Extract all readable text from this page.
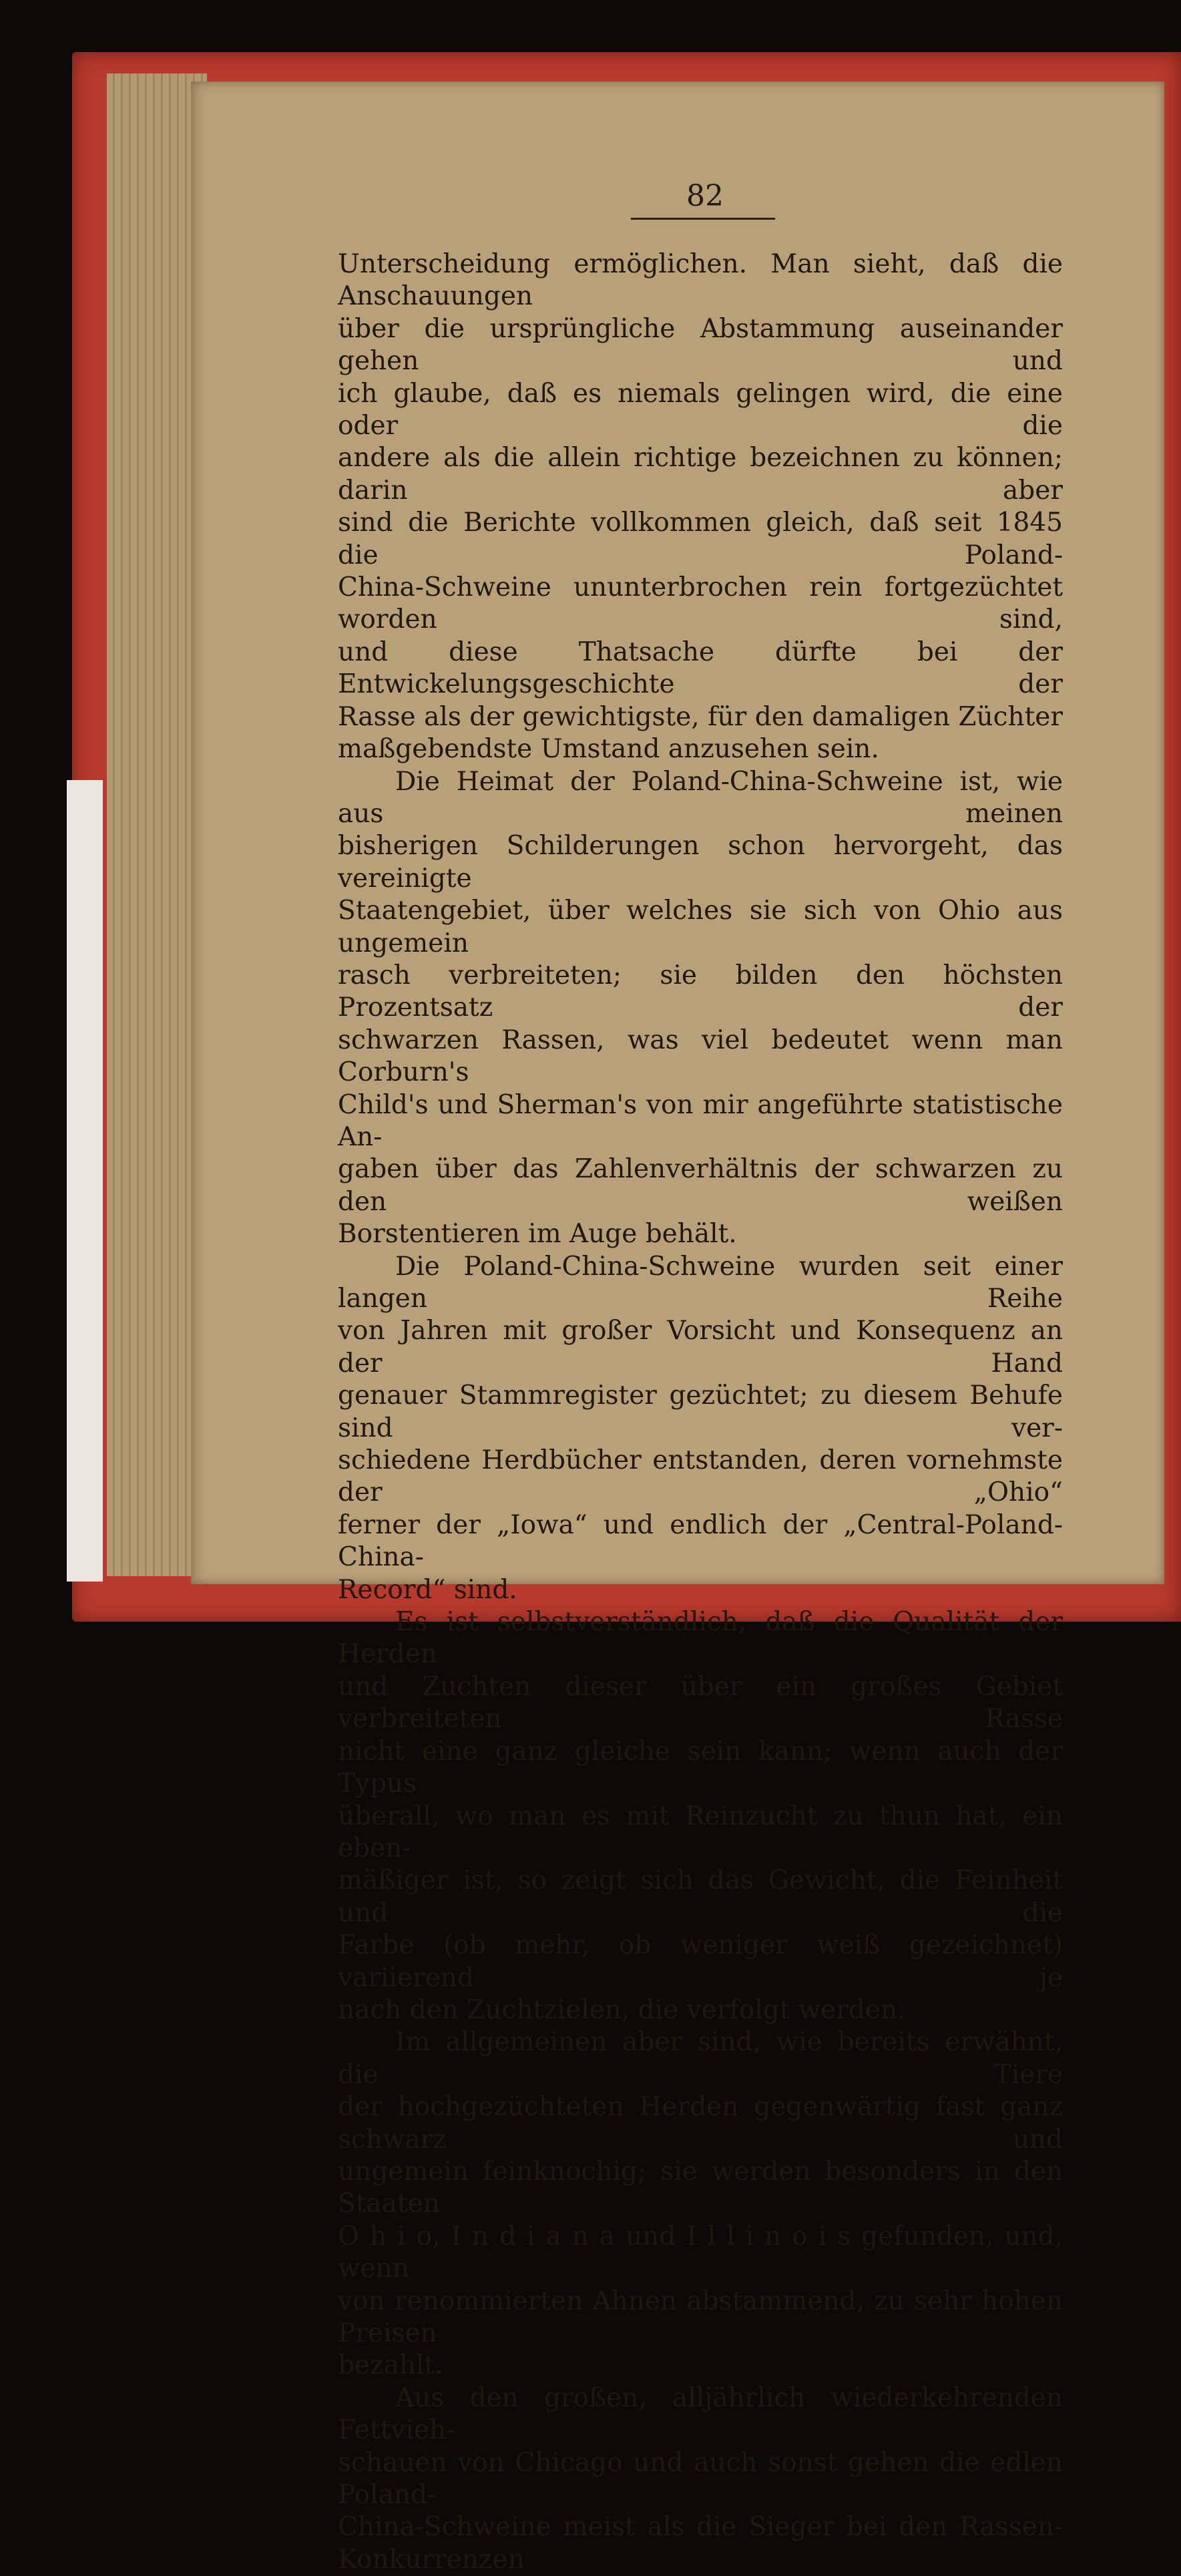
82

Unterscheidung ermöglichen. Man sieht, daß die Anschauungen
über die ursprüngliche Abstammung auseinander gehen und
ich glaube, daß es niemals gelingen wird, die eine oder die
andere als die allein richtige bezeichnen zu können; darin aber
sind die Berichte vollkommen gleich, daß seit 1845 die Poland-
China-Schweine ununterbrochen rein fortgezüchtet worden sind,
und diese Thatsache dürfte bei der Entwickelungsgeschichte der
Rasse als der gewichtigste, für den damaligen Züchter
maßgebendste Umstand anzusehen sein.

Die Heimat der Poland-China-Schweine ist, wie aus meinen
bisherigen Schilderungen schon hervorgeht, das vereinigte
Staatengebiet, über welches sie sich von Ohio aus ungemein
rasch verbreiteten; sie bilden den höchsten Prozentsatz der
schwarzen Rassen, was viel bedeutet wenn man Corburn's
Child's und Sherman's von mir angeführte statistische An-
gaben über das Zahlenverhältnis der schwarzen zu den weißen
Borstentieren im Auge behält.

Die Poland-China-Schweine wurden seit einer langen Reihe
von Jahren mit großer Vorsicht und Konsequenz an der Hand
genauer Stammregister gezüchtet; zu diesem Behufe sind ver-
schiedene Herdbücher entstanden, deren vornehmste der „Ohio“
ferner der „Iowa“ und endlich der „Central-Poland-China-
Record“ sind.

Es ist selbstverständlich, daß die Qualität der Herden
und Zuchten dieser über ein großes Gebiet verbreiteten Rasse
nicht eine ganz gleiche sein kann; wenn auch der Typus
überall, wo man es mit Reinzucht zu thun hat, ein eben-
mäßiger ist, so zeigt sich das Gewicht, die Feinheit und die
Farbe (ob mehr, ob weniger weiß gezeichnet) variierend je
nach den Zuchtzielen, die verfolgt werden.

Im allgemeinen aber sind, wie bereits erwähnt, die Tiere
der hochgezüchteten Herden gegenwärtig fast ganz schwarz und
ungemein feinknochig; sie werden besonders in den Staaten
O h i o, I n d i a n a und I l l i n o i s gefunden, und, wenn
von renommierten Ahnen abstammend, zu sehr hohen Preisen
bezahlt.

Aus den großen, alljährlich wiederkehrenden Fettvieh-
schauen von Chicago und auch sonst gehen die edlen Poland-
China-Schweine meist als die Sieger bei den Rassen-Konkurrenzen
